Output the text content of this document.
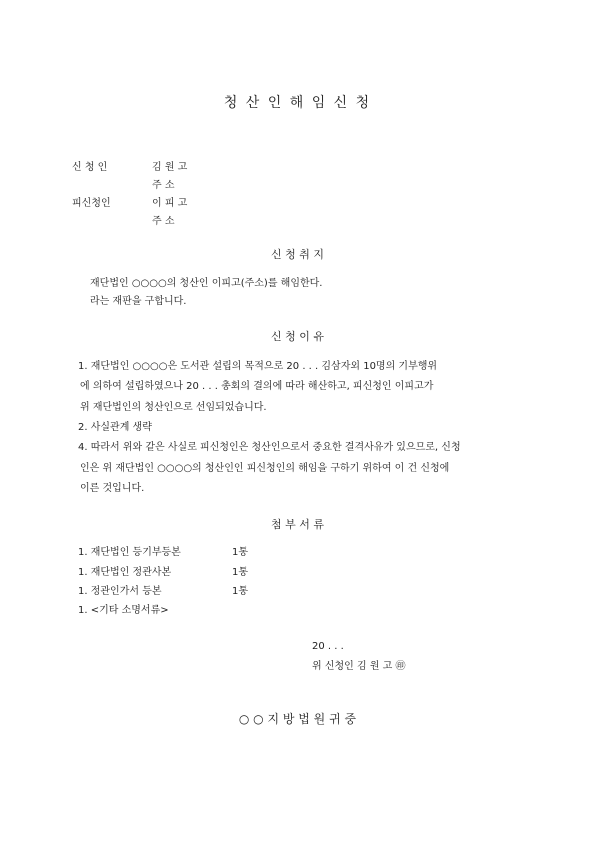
청 산 인 해 임 신 청
신 청 인	김 원 고
주 소
피신청인	이 피 고
주 소
신 청 취 지
재단법인 ○○○○의 청산인 이피고(주소)를 해임한다.
라는 재판을 구합니다.
신 청 이 유
1. 재단법인 ○○○○은 도서관 설립의 목적으로 20 . . . 김삼자외 10명의 기부행위
에 의하여 설립하였으나 20 . . . 총회의 결의에 따라 해산하고, 피신청인 이피고가
위 재단법인의 청산인으로 선임되었습니다.
2. 사실관계 생략
4. 따라서 위와 같은 사실로 피신청인은 청산인으로서 중요한 결격사유가 있으므로, 신청
인은 위 재단법인 ○○○○의 청산인인 피신청인의 해임을 구하기 위하여 이 건 신청에
이른 것입니다.
첨 부 서 류
1. 재단법인 등기부등본	1통
1. 재단법인 정관사본	1통
1. 정관인가서 등본	1통
1. <기타 소명서류>
20 . . .
위 신청인 김 원 고 ㊞
○ ○ 지 방 법 원 귀 중
